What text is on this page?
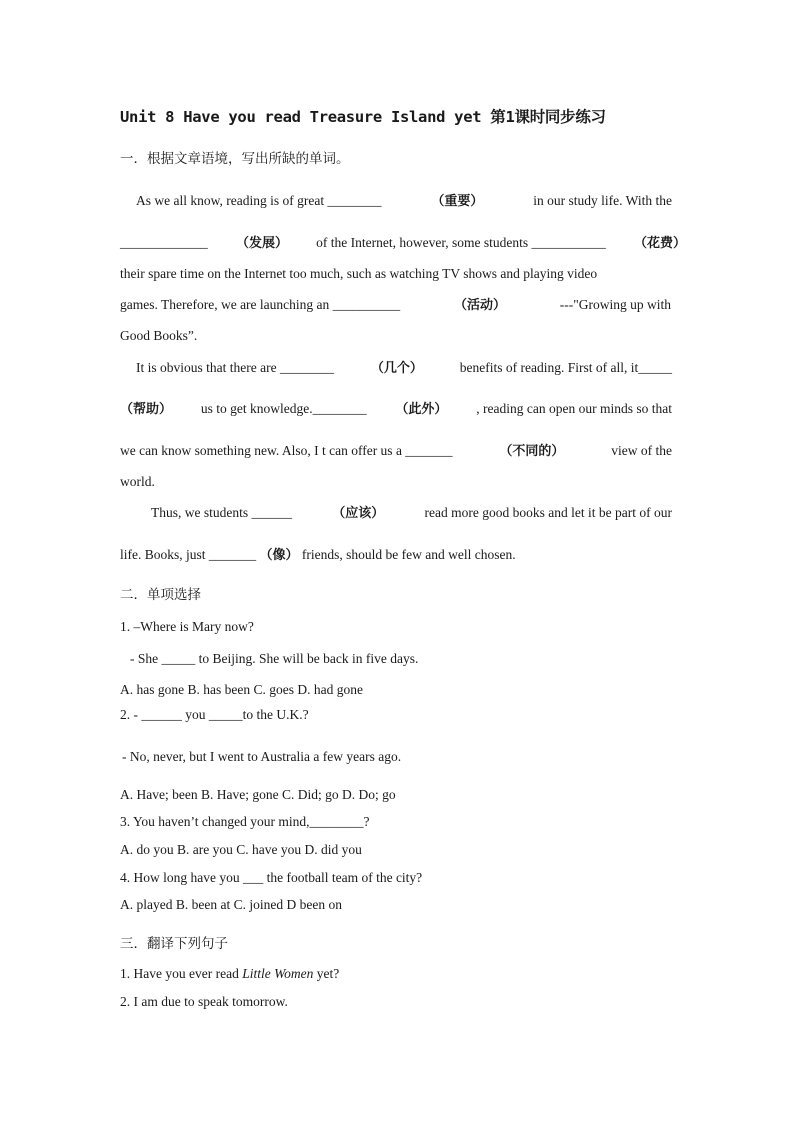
Unit 8 Have you read Treasure Island yet 第1课时同步练习
一．根据文章语境，写出所缺的单词。
As we all know, reading is of great ________	（重要）	in our study life. With the
_____________ （发展） of the Internet, however, some students ___________ （花费）
their spare time on the Internet too much, such as watching TV shows and playing video
games. Therefore, we are launching an __________	（活动）	---"Growing up with
Good Books”.
It is obvious that there are ________	（几个）	benefits of reading. First of all, it_____
（帮助） us to get knowledge.________ （此外） , reading can open our minds so that
we can know something new. Also, I t can offer us a _______	（不同的）	view of the
world.
Thus, we students ______	（应该）	read more good books and let it be part of our
life. Books, just _______ （像） friends, should be few and well chosen.
二．单项选择
1. –Where is Mary now?
- She _____ to Beijing. She will be back in five days.
A. has gone B. has been C. goes D. had gone
2. - ______ you _____to the U.K.?
- No, never, but I went to Australia a few years ago.
A. Have; been B. Have; gone C. Did; go D. Do; go
3. You haven’t changed your mind,________?
A. do you B. are you C. have you D. did you
4. How long have you ___ the football team of the city?
A. played B. been at C. joined D been on
三．翻译下列句子
1. Have you ever read Little Women yet?
2. I am due to speak tomorrow.
